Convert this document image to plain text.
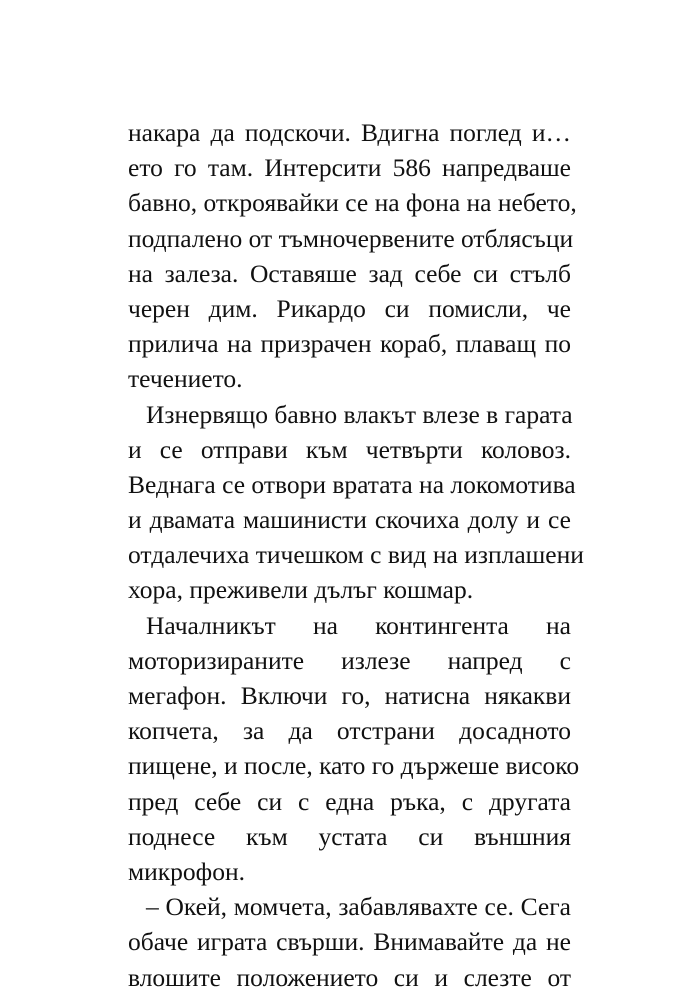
накара да подскочи. Вдигна поглед и…
ето го там. Интерсити 586 напредваше
бавно, откроявайки се на фона на небето,
подпалено от тъмночервените отблясъци
на залеза. Оставяше зад себе си стълб
черен дим. Рикардо си помисли, че
прилича на призрачен кораб, плаващ по
течението.
Изнервящо бавно влакът влезе в гарата
и се отправи към четвърти коловоз.
Веднага се отвори вратата на локомотива
и двамата машинисти скочиха долу и се
отдалечиха тичешком с вид на изплашени
хора, преживели дълъг кошмар.
Началникът на контингента на
моторизираните излезе напред с
мегафон. Включи го, натисна някакви
копчета, за да отстрани досадното
пищене, и после, като го държеше високо
пред себе си с една ръка, с другата
поднесе към устата си външния
микрофон.
– Окей, момчета, забавлявахте се. Сега
обаче играта свърши. Внимавайте да не
влошите положението си и слезте от
